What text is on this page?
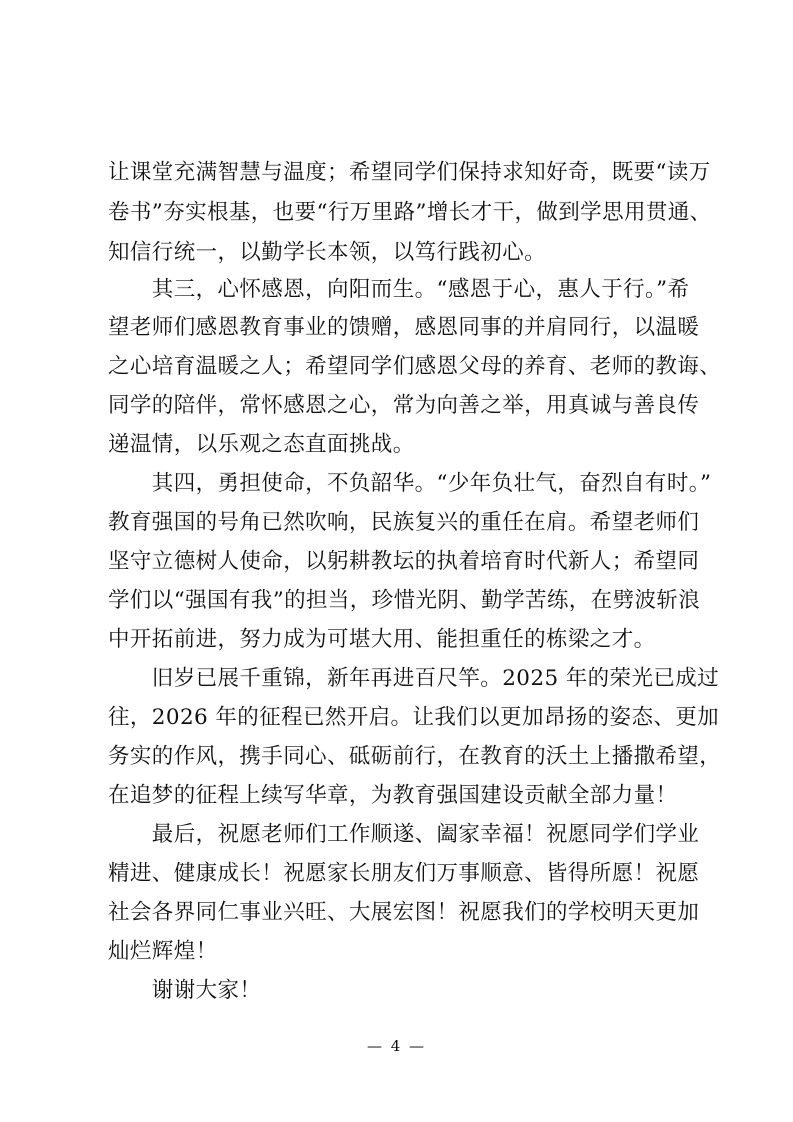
让课堂充满智慧与温度；希望同学们保持求知好奇，既要“读万
卷书”夯实根基，也要“行万里路”增长才干，做到学思用贯通、
知信行统一，以勤学长本领，以笃行践初心。
　　其三，心怀感恩，向阳而生。“感恩于心，惠人于行。”希
望老师们感恩教育事业的馈赠，感恩同事的并肩同行，以温暖
之心培育温暖之人；希望同学们感恩父母的养育、老师的教诲、
同学的陪伴，常怀感恩之心，常为向善之举，用真诚与善良传
递温情，以乐观之态直面挑战。
　　其四，勇担使命，不负韶华。“少年负壮气，奋烈自有时。”
教育强国的号角已然吹响，民族复兴的重任在肩。希望老师们
坚守立德树人使命，以躬耕教坛的执着培育时代新人；希望同
学们以“强国有我”的担当，珍惜光阴、勤学苦练，在劈波斩浪
中开拓前进，努力成为可堪大用、能担重任的栋梁之才。
　　旧岁已展千重锦，新年再进百尺竿。2025 年的荣光已成过
往，2026 年的征程已然开启。让我们以更加昂扬的姿态、更加
务实的作风，携手同心、砥砺前行，在教育的沃土上播撒希望，
在追梦的征程上续写华章，为教育强国建设贡献全部力量！
　　最后，祝愿老师们工作顺遂、阖家幸福！祝愿同学们学业
精进、健康成长！祝愿家长朋友们万事顺意、皆得所愿！祝愿
社会各界同仁事业兴旺、大展宏图！祝愿我们的学校明天更加
灿烂辉煌！
　　谢谢大家！
— 4 —
